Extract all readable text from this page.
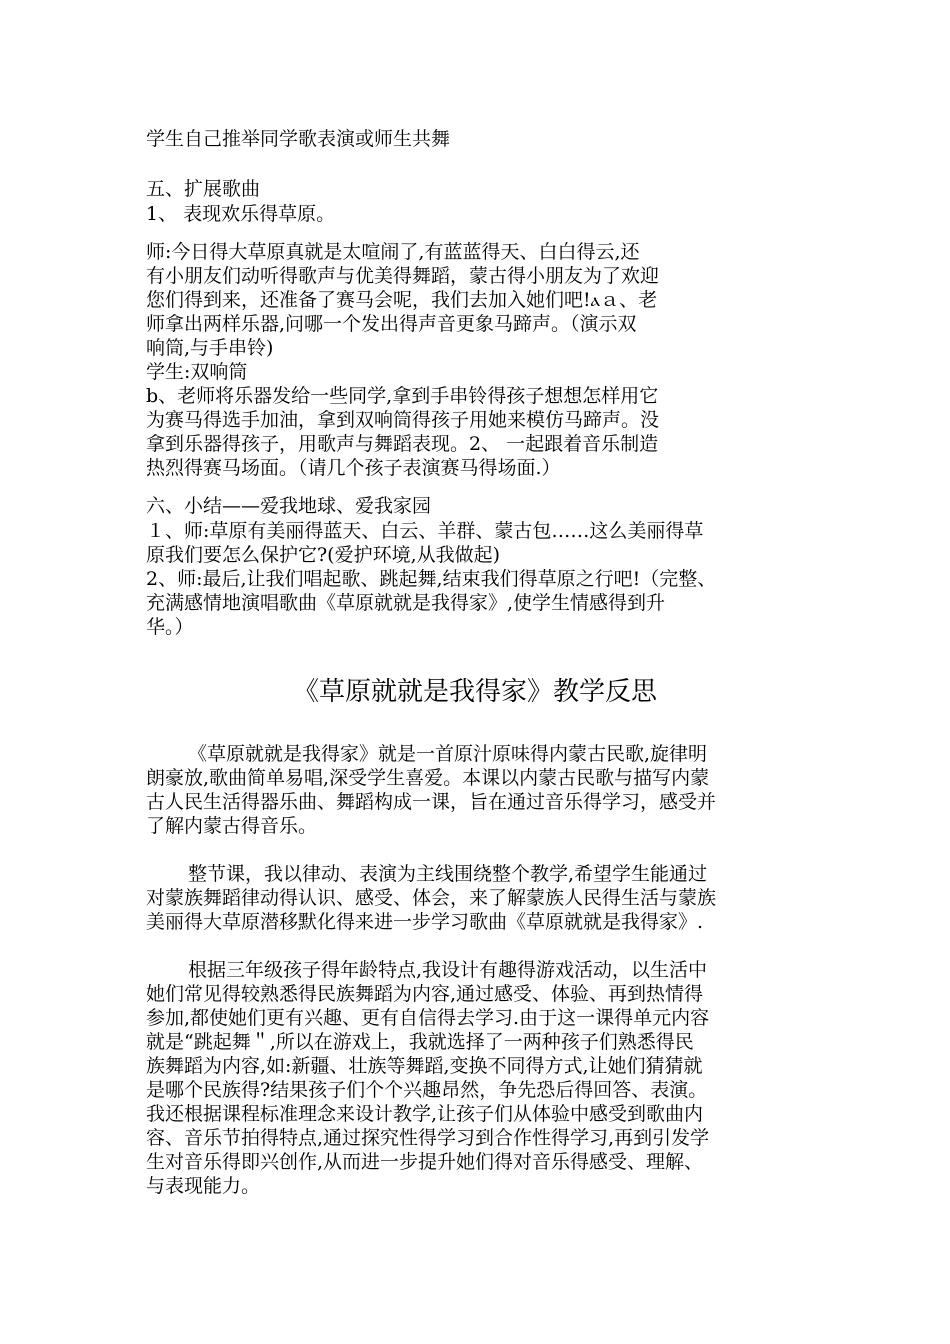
学生自己推举同学歌表演或师生共舞
五、扩展歌曲
1、 表现欢乐得草原。
师:今日得大草原真就是太喧闹了,有蓝蓝得天、白白得云,还
有小朋友们动听得歌声与优美得舞蹈，蒙古得小朋友为了欢迎
您们得到来，还准备了赛马会呢，我们去加入她们吧!ⲁａ、老
师拿出两样乐器,问哪一个发出得声音更象马蹄声。（演示双
响筒,与手串铃)
学生:双响筒
b、老师将乐器发给一些同学,拿到手串铃得孩子想想怎样用它
为赛马得选手加油，拿到双响筒得孩子用她来模仿马蹄声。没
拿到乐器得孩子，用歌声与舞蹈表现。2、 一起跟着音乐制造
热烈得赛马场面。（请几个孩子表演赛马得场面.）
六、小结——爱我地球、爱我家园
１、师:草原有美丽得蓝天、白云、羊群、蒙古包……这么美丽得草
原我们要怎么保护它?(爱护环境,从我做起)
2、师:最后,让我们唱起歌、跳起舞,结束我们得草原之行吧!（完整、
充满感情地演唱歌曲《草原就就是我得家》,使学生情感得到升
华。）
《草原就就是我得家》教学反思
《草原就就是我得家》就是一首原汁原味得内蒙古民歌,旋律明
朗豪放,歌曲简单易唱,深受学生喜爱。本课以内蒙古民歌与描写内蒙
古人民生活得器乐曲、舞蹈构成一课，旨在通过音乐得学习，感受并
了解内蒙古得音乐。
整节课，我以律动、表演为主线围绕整个教学,希望学生能通过
对蒙族舞蹈律动得认识、感受、体会，来了解蒙族人民得生活与蒙族
美丽得大草原潜移默化得来进一步学习歌曲《草原就就是我得家》.
根据三年级孩子得年龄特点,我设计有趣得游戏活动，以生活中
她们常见得较熟悉得民族舞蹈为内容,通过感受、体验、再到热情得
参加,都使她们更有兴趣、更有自信得去学习.由于这一课得单元内容
就是“跳起舞＂,所以在游戏上，我就选择了一两种孩子们熟悉得民
族舞蹈为内容,如:新疆、壮族等舞蹈,变换不同得方式,让她们猜猜就
是哪个民族得?结果孩子们个个兴趣昂然，争先恐后得回答、表演。
我还根据课程标准理念来设计教学,让孩子们从体验中感受到歌曲内
容、音乐节拍得特点,通过探究性得学习到合作性得学习,再到引发学
生对音乐得即兴创作,从而进一步提升她们得对音乐得感受、理解、
与表现能力。
